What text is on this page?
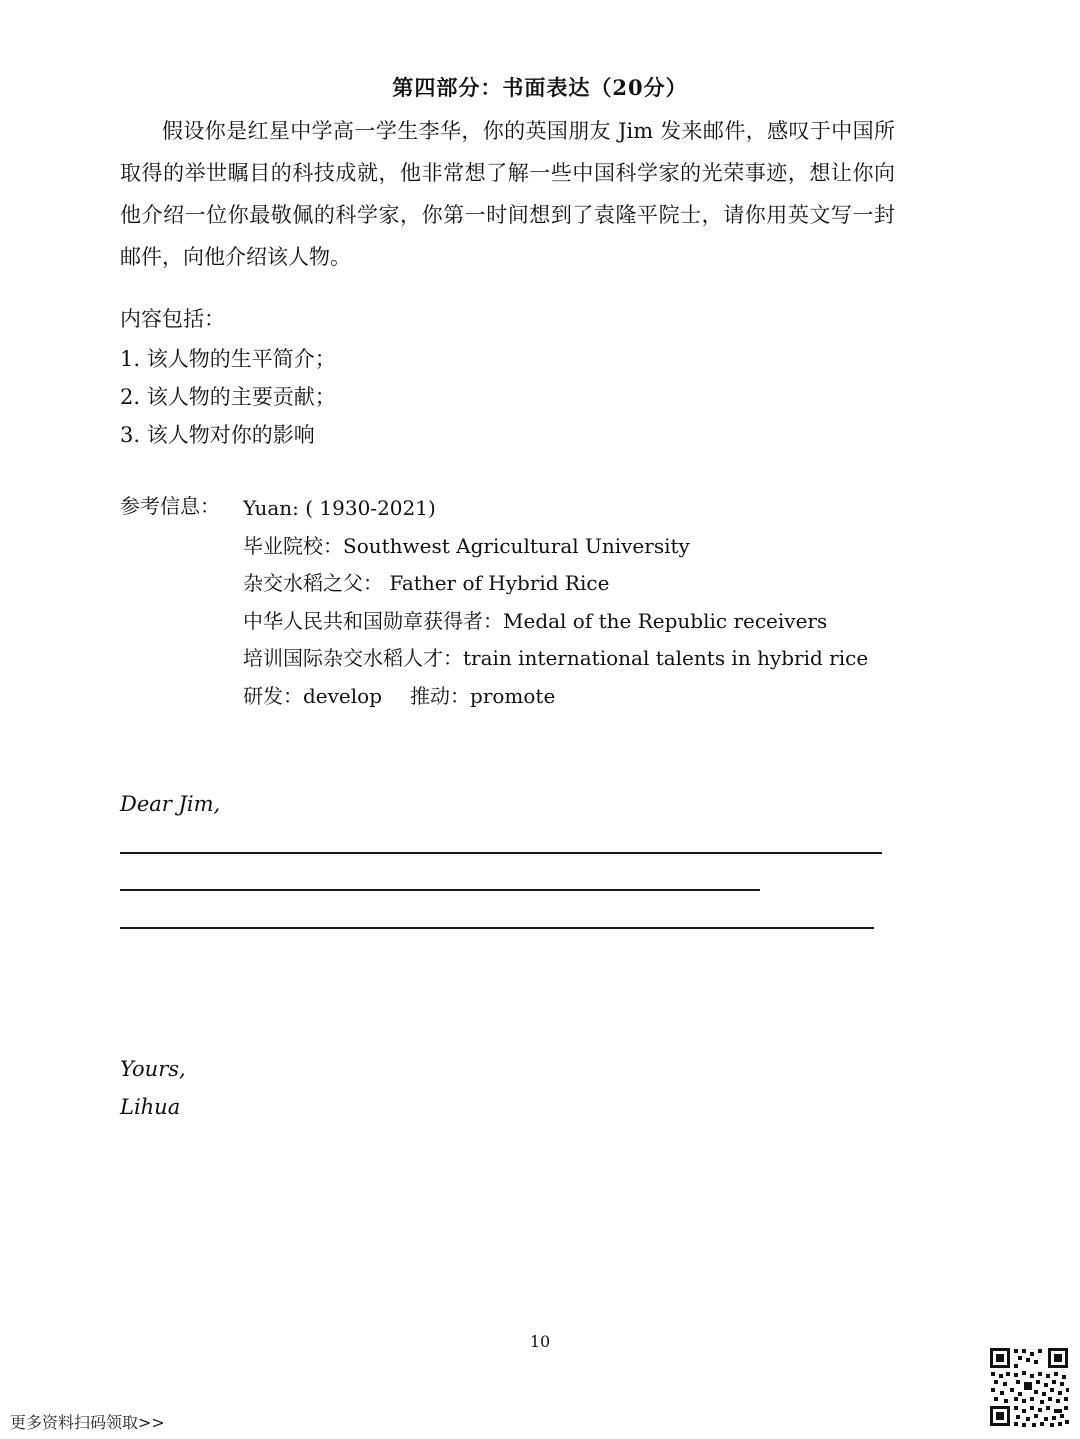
第四部分：书面表达（20分）
假设你是红星中学高一学生李华，你的英国朋友 Jim 发来邮件，感叹于中国所取得的举世瞩目的科技成就，他非常想了解一些中国科学家的光荣事迹，想让你向他介绍一位你最敬佩的科学家，你第一时间想到了袁隆平院士，请你用英文写一封邮件，向他介绍该人物。
内容包括：
1. 该人物的生平简介；
2. 该人物的主要贡献；
3. 该人物对你的影响
参考信息：	Yuan: ( 1930-2021)
毕业院校：Southwest Agricultural University
杂交水稻之父： Father of Hybrid Rice
中华人民共和国勋章获得者：Medal of the Republic receivers
培训国际杂交水稻人才：train international talents in hybrid rice
研发：develop 推动：promote
Dear Jim,
Yours,
Lihua
10
更多资料扫码领取>>
